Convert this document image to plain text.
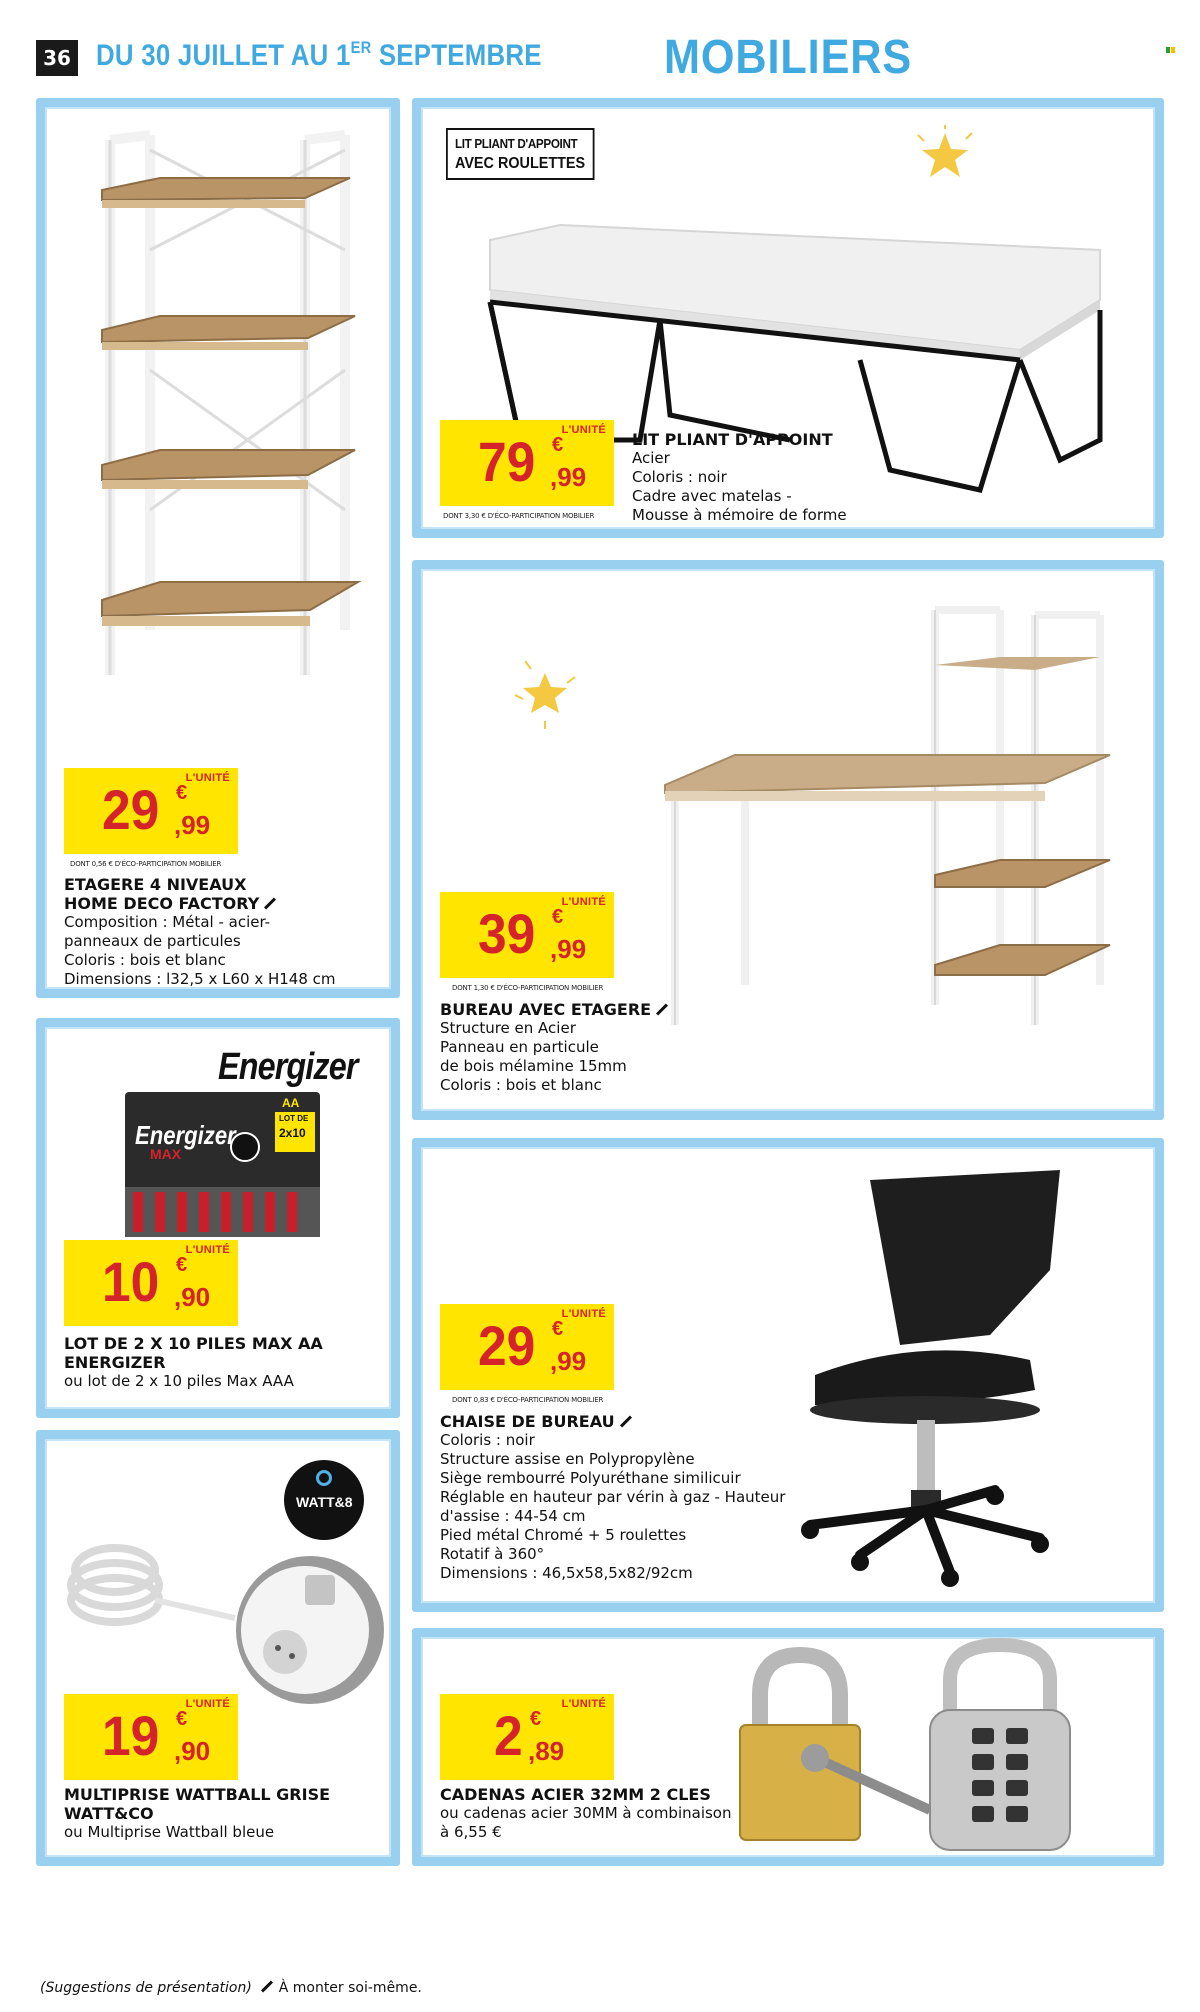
36 DU 30 JUILLET AU 1ER SEPTEMBRE	MOBILIERS
L'UNITÉ
29 €
,99
DONT 0,56 € D'ÉCO-PARTICIPATION MOBILIER
ETAGERE 4 NIVEAUX
HOME DECO FACTORY
Composition : Métal - acier-
panneaux de particules
Coloris : bois et blanc
Dimensions : l32,5 x L60 x H148 cm
LIT PLIANT D'APPOINT
AVEC ROULETTES
L'UNITÉ
79 €
,99
DONT 3,30 € D'ÉCO-PARTICIPATION MOBILIER
LIT PLIANT D'APPOINT
Acier
Coloris : noir
Cadre avec matelas -
Mousse à mémoire de forme
L'UNITÉ
39 €
,99
DONT 1,30 € D'ÉCO-PARTICIPATION MOBILIER
BUREAU AVEC ETAGERE
Structure en Acier
Panneau en particule
de bois mélamine 15mm
Coloris : bois et blanc
Energizer
Energizer
MAX
AA
LOT DE
2x10
L'UNITÉ
10 €
,90
LOT DE 2 X 10 PILES MAX AA
ENERGIZER
ou lot de 2 x 10 piles Max AAA
L'UNITÉ
29 €
,99
DONT 0,83 € D'ÉCO-PARTICIPATION MOBILIER
CHAISE DE BUREAU
Coloris : noir
Structure assise en Polypropylène
Siège rembourré Polyuréthane similicuir
Réglable en hauteur par vérin à gaz - Hauteur
d'assise : 44-54 cm
Pied métal Chromé + 5 roulettes
Rotatif à 360°
Dimensions : 46,5x58,5x82/92cm
WATT&8
L'UNITÉ
19 €
,90
MULTIPRISE WATTBALL GRISE
WATT&CO
ou Multiprise Wattball bleue
L'UNITÉ
2 €
,89
CADENAS ACIER 32MM 2 CLES
ou cadenas acier 30MM à combinaison
à 6,55 €
(Suggestions de présentation) À monter soi-même.
